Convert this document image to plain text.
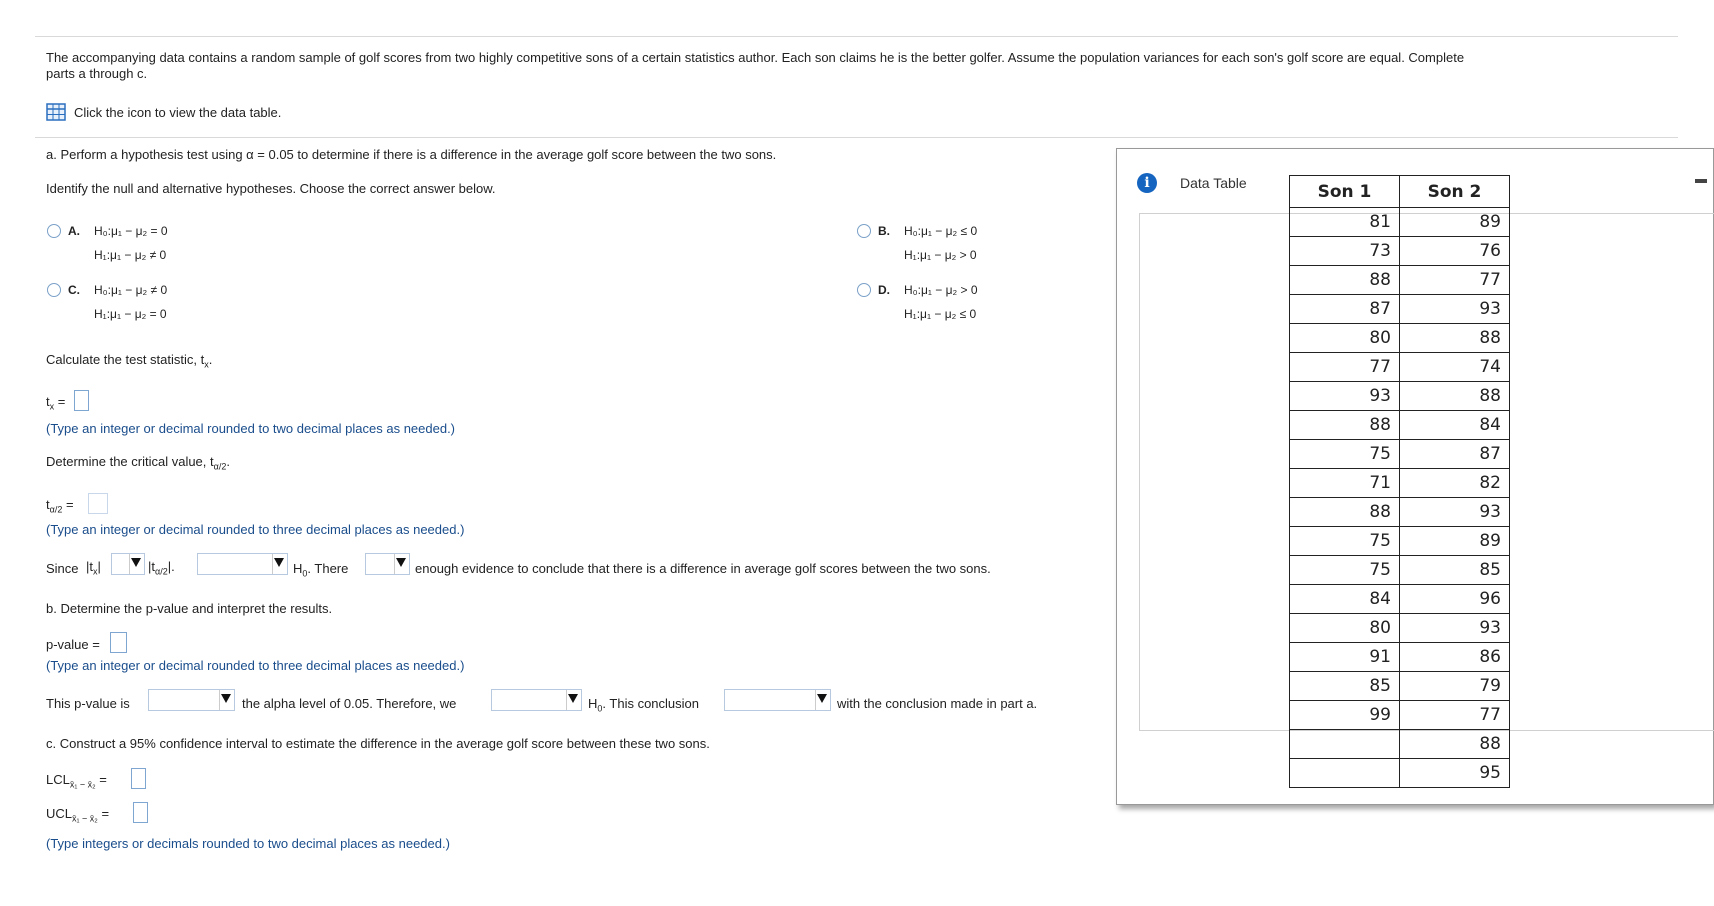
The accompanying data contains a random sample of golf scores from two highly competitive sons of a certain statistics author. Each son claims he is the better golfer. Assume the population variances for each son's golf score are equal. Complete
parts a through c.
Click the icon to view the data table.
a. Perform a hypothesis test using α = 0.05 to determine if there is a difference in the average golf score between the two sons.
Identify the null and alternative hypotheses. Choose the correct answer below.
A. H₀:μ₁ − μ₂ = 0
H₁:μ₁ − μ₂ ≠ 0
B. H₀:μ₁ − μ₂ ≤ 0
H₁:μ₁ − μ₂ > 0
C. H₀:μ₁ − μ₂ ≠ 0
H₁:μ₁ − μ₂ = 0
D. H₀:μ₁ − μ₂ > 0
H₁:μ₁ − μ₂ ≤ 0
Calculate the test statistic, $t_x$.
$t_x$ =
(Type an integer or decimal rounded to two decimal places as needed.)
Determine the critical value, $t_{\alpha/2}$.
$t_{\alpha/2}$ =
(Type an integer or decimal rounded to three decimal places as needed.)
Since $|t_x|$	$|t_{\alpha/2}|$.	$H_0$. There	enough evidence to conclude that there is a difference in average golf scores between the two sons.
b. Determine the p-value and interpret the results.
p-value =
(Type an integer or decimal rounded to three decimal places as needed.)
This p-value is	the alpha level of 0.05. Therefore, we	$H_0$. This conclusion	with the conclusion made in part a.
c. Construct a 95% confidence interval to estimate the difference in the average golf score between these two sons.
$LCL_{x̄_1 - x̄_2}$ =
$UCL_{x̄_1 - x̄_2}$ =
(Type integers or decimals rounded to two decimal places as needed.)
i	Data Table	Son 1	Son 2
81	89
73	76
88	77
87	93
80	88
77	74
93	88
88	84
75	87
71	82
88	93
75	89
75	85
84	96
80	93
91	86
85	79
99	77
	88
	95
